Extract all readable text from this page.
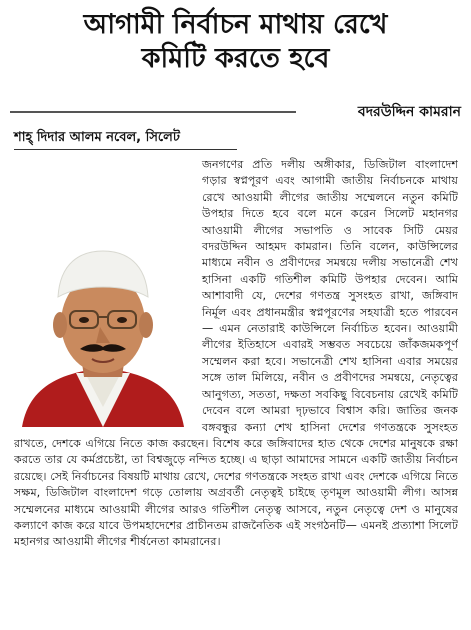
আগামী নির্বাচন মাথায় রেখে
কমিটি করতে হবে
বদরউদ্দিন কামরান
শাহ্ দিদার আলম নবেল, সিলেট

জনগণের প্রতি দলীয় অঙ্গীকার, ডিজিটাল বাংলাদেশ গড়ার স্বপ্নপূরণ এবং আগামী জাতীয় নির্বাচনকে মাথায় রেখে আওয়ামী লীগের জাতীয় সম্মেলনে নতুন কমিটি উপহার দিতে হবে বলে মনে করেন সিলেট মহানগর আওয়ামী লীগের সভাপতি ও সাবেক সিটি মেয়র বদরউদ্দিন আহমদ কামরান। তিনি বলেন, কাউন্সিলের মাধ্যমে নবীন ও প্রবীণদের সমন্বয়ে দলীয় সভানেত্রী শেখ হাসিনা একটি গতিশীল কমিটি উপহার দেবেন। আমি আশাবাদী যে, দেশের গণতন্ত্র সুসংহত রাখা, জঙ্গিবাদ নির্মূল এবং প্রধানমন্ত্রীর স্বপ্নপূরণের সহযাত্রী হতে পারবেন— এমন নেতারাই কাউন্সিলে নির্বাচিত হবেন। আওয়ামী লীগের ইতিহাসে এবারই সম্ভবত সবচেয়ে জাঁকজমকপূর্ণ সম্মেলন করা হবে। সভানেত্রী শেখ হাসিনা এবার সময়ের সঙ্গে তাল মিলিয়ে, নবীন ও প্রবীণদের সমন্বয়ে, নেতৃত্বের আনুগত্য, সততা, দক্ষতা সবকিছু বিবেচনায় রেখেই কমিটি দেবেন বলে আমরা দৃঢ়ভাবে বিশ্বাস করি। জাতির জনক বঙ্গবন্ধুর কন্যা শেখ হাসিনা দেশের গণতন্ত্রকে সুসংহত রাখতে, দেশকে এগিয়ে নিতে কাজ করছেন। বিশেষ করে জঙ্গিবাদের হাত থেকে দেশের মানুষকে রক্ষা করতে তার যে কর্মপ্রচেষ্টা, তা বিশ্বজুড়ে নন্দিত হচ্ছে। এ ছাড়া আমাদের সামনে একটি জাতীয় নির্বাচন রয়েছে। সেই নির্বাচনের বিষয়টি মাথায় রেখে, দেশের গণতন্ত্রকে সংহত রাখা এবং দেশকে এগিয়ে নিতে সক্ষম, ডিজিটাল বাংলাদেশ গড়ে তোলায় অগ্রবর্তী নেতৃত্বই চাইছে তৃণমূল আওয়ামী লীগ। আসন্ন সম্মেলনের মাধ্যমে আওয়ামী লীগের আরও গতিশীল নেতৃত্ব আসবে, নতুন নেতৃত্বে দেশ ও মানুষের কল্যাণে কাজ করে যাবে উপমহাদেশের প্রাচীনতম রাজনৈতিক এই সংগঠনটি— এমনই প্রত্যাশা সিলেট মহানগর আওয়ামী লীগের শীর্ষনেতা কামরানের।
